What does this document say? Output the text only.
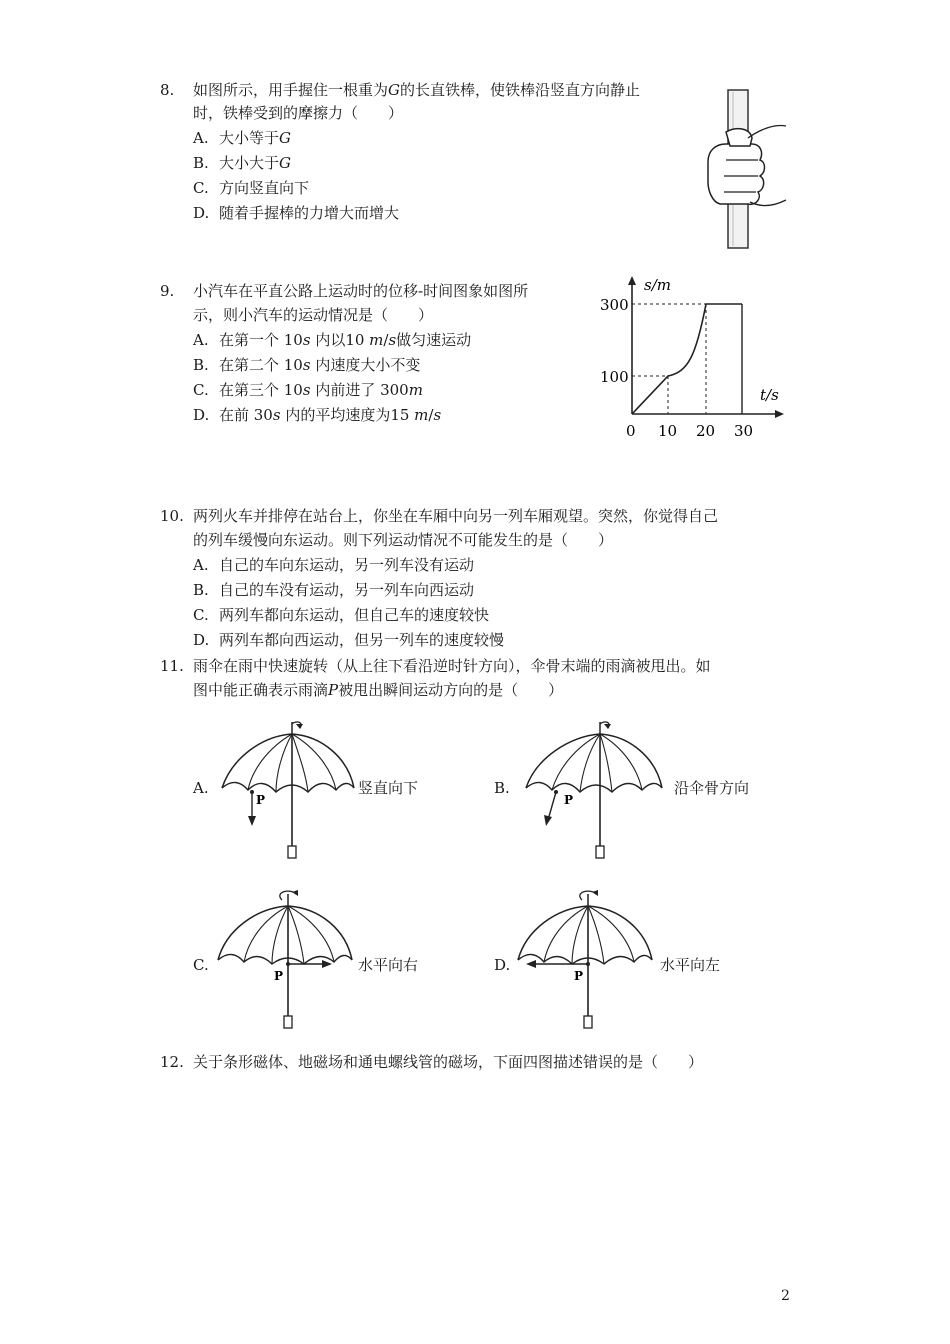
8. 如图所示，用手握住一根重为𝐺的长直铁棒，使铁棒沿竖直方向静止
时，铁棒受到的摩擦力（　　）
A. 大小等于𝐺
B. 大小大于𝐺
C. 方向竖直向下
D. 随着手握棒的力增大而增大
9. 小汽车在平直公路上运动时的位移-时间图象如图所
示，则小汽车的运动情况是（　　）
A. 在第一个 10𝑠 内以10 𝑚/𝑠做匀速运动
B. 在第二个 10𝑠 内速度大小不变
C. 在第三个 10𝑠 内前进了 300𝑚
D. 在前 30𝑠 内的平均速度为15 𝑚/𝑠
s/m
t/s
300
100
0 10 20 30
10. 两列火车并排停在站台上，你坐在车厢中向另一列车厢观望。突然，你觉得自己
的列车缓慢向东运动。则下列运动情况不可能发生的是（　　）
A. 自己的车向东运动，另一列车没有运动
B. 自己的车没有运动，另一列车向西运动
C. 两列车都向东运动，但自己车的速度较快
D. 两列车都向西运动，但另一列车的速度较慢
11. 雨伞在雨中快速旋转（从上往下看沿逆时针方向），伞骨末端的雨滴被甩出。如
图中能正确表示雨滴𝑃被甩出瞬间运动方向的是（　　）
A.
P
竖直向下	B.
P
沿伞骨方向
C.
P
水平向右	D.
P
水平向左
12. 关于条形磁体、地磁场和通电螺线管的磁场，下面四图描述错误的是（　　）
2
